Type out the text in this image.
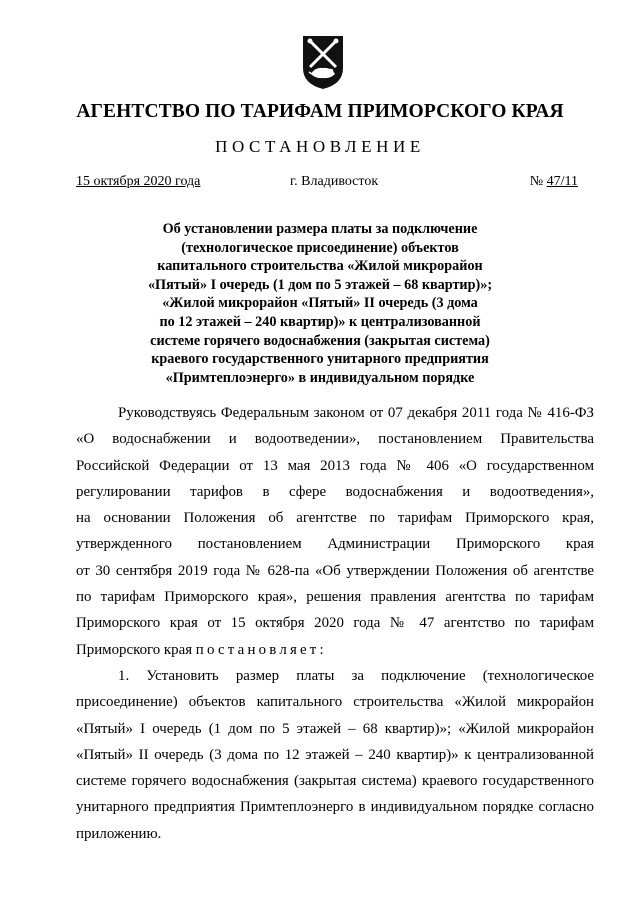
АГЕНТСТВО ПО ТАРИФАМ ПРИМОРСКОГО КРАЯ
ПОСТАНОВЛЕНИЕ
15 октября 2020 года	г. Владивосток	№ 47/11
Об установлении размера платы за подключение
(технологическое присоединение) объектов
капитального строительства «Жилой микрорайон
«Пятый» I очередь (1 дом по 5 этажей – 68 квартир)»;
«Жилой микрорайон «Пятый» II очередь (3 дома
по 12 этажей – 240 квартир)» к централизованной
системе горячего водоснабжения (закрытая система)
краевого государственного унитарного предприятия
«Примтеплоэнерго» в индивидуальном порядке
Руководствуясь Федеральным законом от 07 декабря 2011 года № 416-ФЗ
«О водоснабжении и водоотведении», постановлением Правительства
Российской Федерации от 13 мая 2013 года № 406 «О государственном
регулировании тарифов в сфере водоснабжения и водоотведения»,
на основании Положения об агентстве по тарифам Приморского края,
утвержденного постановлением Администрации Приморского края
от 30 сентября 2019 года № 628-па «Об утверждении Положения об агентстве
по тарифам Приморского края», решения правления агентства по тарифам
Приморского края от 15 октября 2020 года № 47 агентство по тарифам
Приморского края постановляет:
1. Установить размер платы за подключение (технологическое
присоединение) объектов капитального строительства «Жилой микрорайон
«Пятый» I очередь (1 дом по 5 этажей – 68 квартир)»; «Жилой микрорайон
«Пятый» II очередь (3 дома по 12 этажей – 240 квартир)» к централизованной
системе горячего водоснабжения (закрытая система) краевого государственного
унитарного предприятия Примтеплоэнерго в индивидуальном порядке согласно
приложению.
